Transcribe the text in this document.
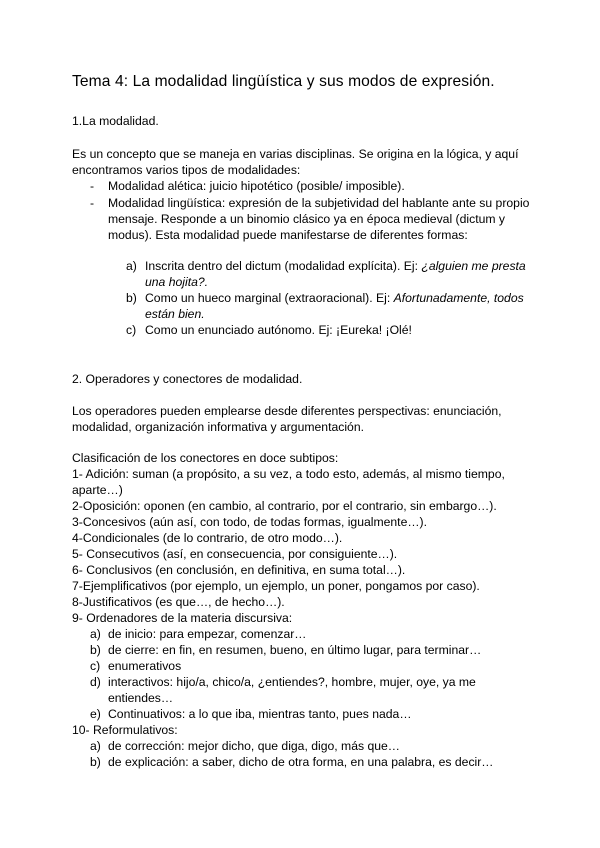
Tema 4: La modalidad lingüística y sus modos de expresión.
1.La modalidad.
Es un concepto que se maneja en varias disciplinas. Se origina en la lógica, y aquí
encontramos varios tipos de modalidades:
- Modalidad alética: juicio hipotético (posible/ imposible).
- Modalidad lingüística: expresión de la subjetividad del hablante ante su propio
mensaje. Responde a un binomio clásico ya en época medieval (dictum y
modus). Esta modalidad puede manifestarse de diferentes formas:
a) Inscrita dentro del dictum (modalidad explícita). Ej: ¿alguien me presta
una hojita?.
b) Como un hueco marginal (extraoracional). Ej: Afortunadamente, todos
están bien.
c) Como un enunciado autónomo. Ej: ¡Eureka! ¡Olé!
2. Operadores y conectores de modalidad.
Los operadores pueden emplearse desde diferentes perspectivas: enunciación,
modalidad, organización informativa y argumentación.
Clasificación de los conectores en doce subtipos:
1- Adición: suman (a propósito, a su vez, a todo esto, además, al mismo tiempo,
aparte…)
2-Oposición: oponen (en cambio, al contrario, por el contrario, sin embargo…).
3-Concesivos (aún así, con todo, de todas formas, igualmente…).
4-Condicionales (de lo contrario, de otro modo…).
5- Consecutivos (así, en consecuencia, por consiguiente…).
6- Conclusivos (en conclusión, en definitiva, en suma total…).
7-Ejemplificativos (por ejemplo, un ejemplo, un poner, pongamos por caso).
8-Justificativos (es que…, de hecho…).
9- Ordenadores de la materia discursiva:
a) de inicio: para empezar, comenzar…
b) de cierre: en fin, en resumen, bueno, en último lugar, para terminar…
c) enumerativos
d) interactivos: hijo/a, chico/a, ¿entiendes?, hombre, mujer, oye, ya me
entiendes…
e) Continuativos: a lo que iba, mientras tanto, pues nada…
10- Reformulativos:
a) de corrección: mejor dicho, que diga, digo, más que…
b) de explicación: a saber, dicho de otra forma, en una palabra, es decir…
